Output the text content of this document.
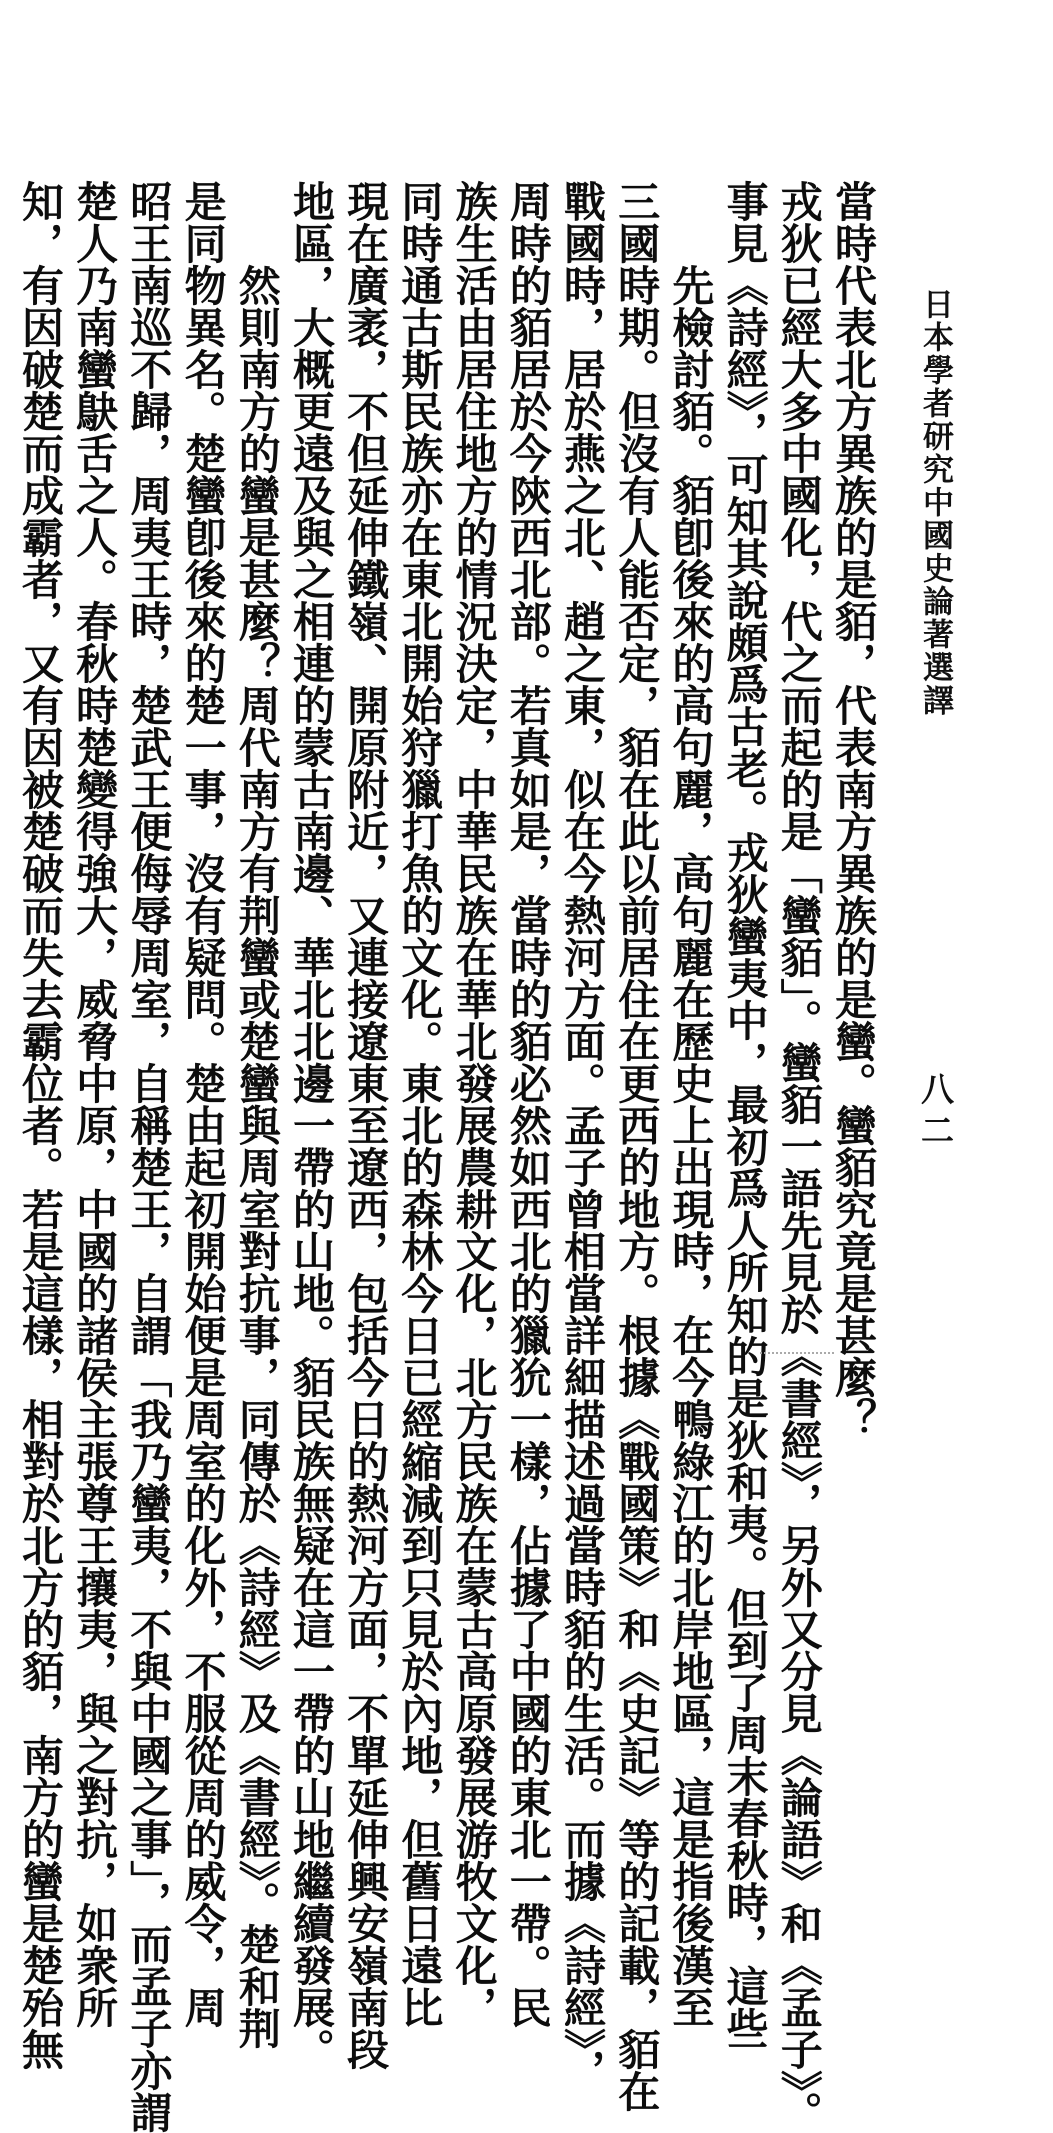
日本學者研究中國史論著選譯
八二
當時代表北方異族的是貊，代表南方異族的是蠻。蠻貊究竟是甚麼？
戎狄已經大多中國化，代之而起的是「蠻貊」。蠻貊一語先見於《書經》，另外又分見《論語》和《孟子》。
事見《詩經》，可知其說頗爲古老。戎狄蠻夷中，最初爲人所知的是狄和夷。但到了周末春秋時，這些
先檢討貊。貊卽後來的高句麗，高句麗在歷史上出現時，在今鴨綠江的北岸地區，這是指後漢至
三國時期。但沒有人能否定，貊在此以前居住在更西的地方。根據《戰國策》和《史記》等的記載，貊在
戰國時，居於燕之北、趙之東，似在今熱河方面。孟子曾相當詳細描述過當時貊的生活。而據《詩經》，
周時的貊居於今陝西北部。若真如是，當時的貊必然如西北的獵狁一樣，佔據了中國的東北一帶。民
族生活由居住地方的情況決定，中華民族在華北發展農耕文化，北方民族在蒙古高原發展游牧文化，
同時通古斯民族亦在東北開始狩獵打魚的文化。東北的森林今日已經縮減到只見於內地，但舊日遠比
現在廣袤，不但延伸鐵嶺、開原附近，又連接遼東至遼西，包括今日的熱河方面，不單延伸興安嶺南段
地區，大概更遠及與之相連的蒙古南邊、華北北邊一帶的山地。貊民族無疑在這一帶的山地繼續發展。
然則南方的蠻是甚麼？周代南方有荆蠻或楚蠻與周室對抗事，同傳於《詩經》及《書經》。楚和荆
是同物異名。楚蠻卽後來的楚一事，沒有疑問。楚由起初開始便是周室的化外，不服從周的威令，周
昭王南巡不歸，周夷王時，楚武王便侮辱周室，自稱楚王，自謂「我乃蠻夷，不與中國之事」，而孟子亦謂
楚人乃南蠻鴃舌之人。春秋時楚變得強大，威脅中原，中國的諸侯主張尊王攘夷，與之對抗，如衆所
知，有因破楚而成霸者，又有因被楚破而失去霸位者。若是這樣，相對於北方的貊，南方的蠻是楚殆無
